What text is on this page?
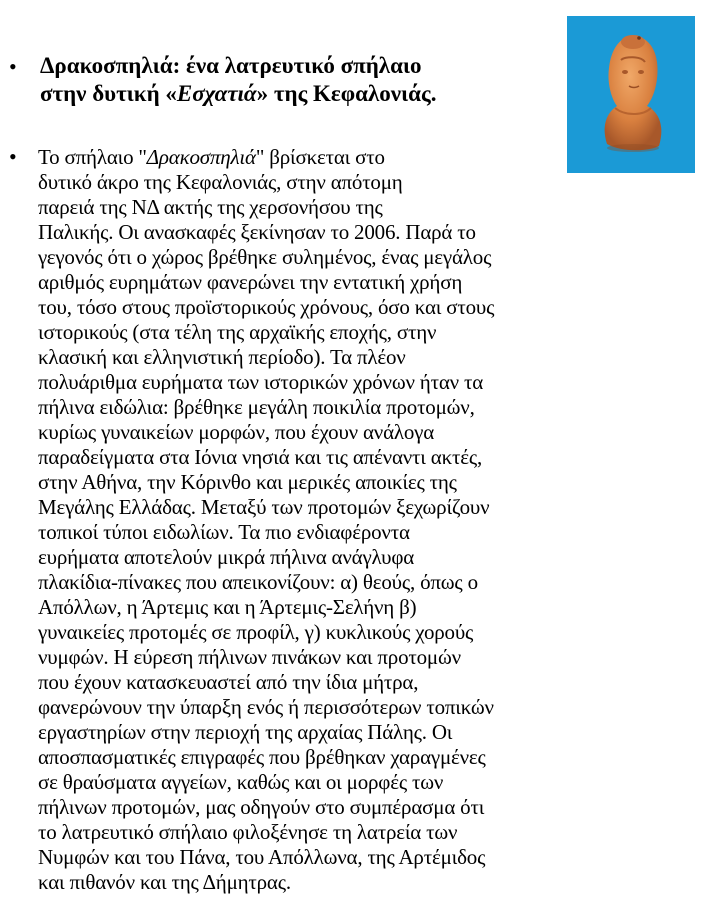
• Δρακοσπηλιά: ένα λατρευτικό σπήλαιο
στην δυτική «Εσχατιά» της Κεφαλονιάς.
• Το σπήλαιο "Δρακοσπηλιά" βρίσκεται στο
δυτικό άκρο της Κεφαλονιάς, στην απότομη
παρειά της ΝΔ ακτής της χερσονήσου της
Παλικής. Οι ανασκαφές ξεκίνησαν το 2006. Παρά το
γεγονός ότι ο χώρος βρέθηκε συλημένος, ένας μεγάλος
αριθμός ευρημάτων φανερώνει την εντατική χρήση
του, τόσο στους προϊστορικούς χρόνους, όσο και στους
ιστορικούς (στα τέλη της αρχαϊκής εποχής, στην
κλασική και ελληνιστική περίοδο). Τα πλέον
πολυάριθμα ευρήματα των ιστορικών χρόνων ήταν τα
πήλινα ειδώλια: βρέθηκε μεγάλη ποικιλία προτομών,
κυρίως γυναικείων μορφών, που έχουν ανάλογα
παραδείγματα στα Ιόνια νησιά και τις απέναντι ακτές,
στην Αθήνα, την Κόρινθο και μερικές αποικίες της
Μεγάλης Ελλάδας. Μεταξύ των προτομών ξεχωρίζουν
τοπικοί τύποι ειδωλίων. Τα πιο ενδιαφέροντα
ευρήματα αποτελούν μικρά πήλινα ανάγλυφα
πλακίδια-πίνακες που απεικονίζουν: α) θεούς, όπως ο
Απόλλων, η Άρτεμις και η Άρτεμις-Σελήνη β)
γυναικείες προτομές σε προφίλ, γ) κυκλικούς χορούς
νυμφών. Η εύρεση πήλινων πινάκων και προτομών
που έχουν κατασκευαστεί από την ίδια μήτρα,
φανερώνουν την ύπαρξη ενός ή περισσότερων τοπικών
εργαστηρίων στην περιοχή της αρχαίας Πάλης. Οι
αποσπασματικές επιγραφές που βρέθηκαν χαραγμένες
σε θραύσματα αγγείων, καθώς και οι μορφές των
πήλινων προτομών, μας οδηγούν στο συμπέρασμα ότι
το λατρευτικό σπήλαιο φιλοξένησε τη λατρεία των
Νυμφών και του Πάνα, του Απόλλωνα, της Αρτέμιδος
και πιθανόν και της Δήμητρας.
